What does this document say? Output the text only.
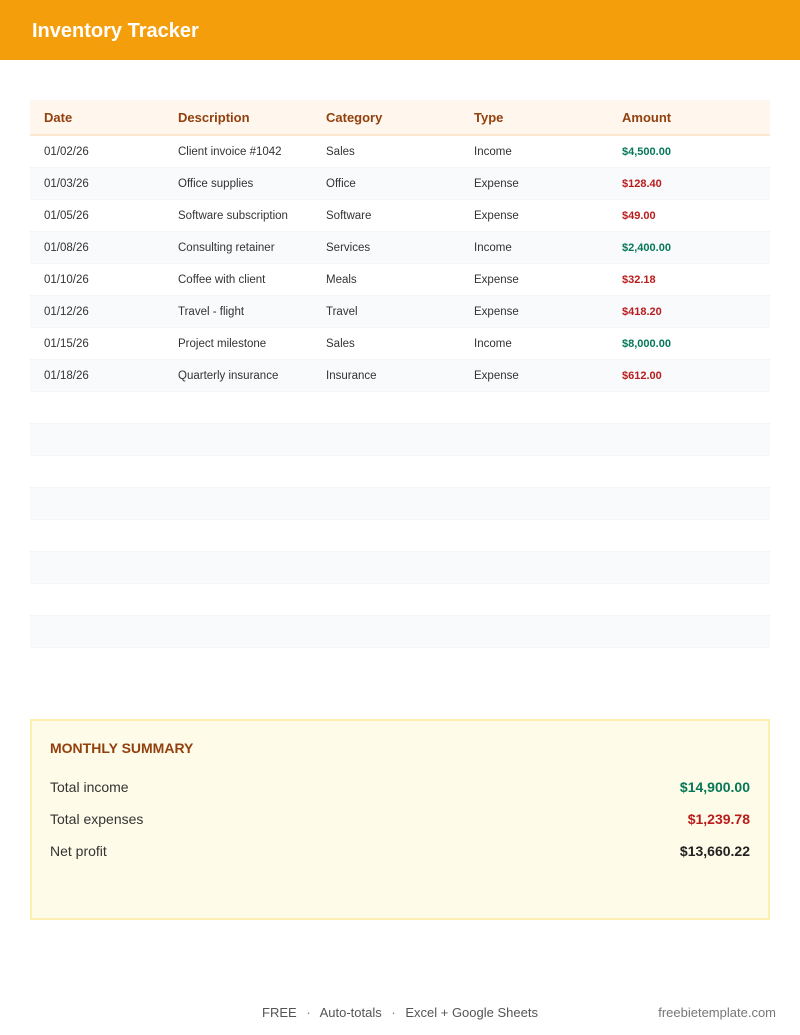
Inventory Tracker
Date	Description	Category	Type	Amount
01/02/26	Client invoice #1042	Sales	Income	$4,500.00
01/03/26	Office supplies	Office	Expense	$128.40
01/05/26	Software subscription	Software	Expense	$49.00
01/08/26	Consulting retainer	Services	Income	$2,400.00
01/10/26	Coffee with client	Meals	Expense	$32.18
01/12/26	Travel - flight	Travel	Expense	$418.20
01/15/26	Project milestone	Sales	Income	$8,000.00
01/18/26	Quarterly insurance	Insurance	Expense	$612.00
MONTHLY SUMMARY
Total income	$14,900.00
Total expenses	$1,239.78
Net profit	$13,660.22
FREE · Auto-totals · Excel + Google Sheets	freebietemplate.com
